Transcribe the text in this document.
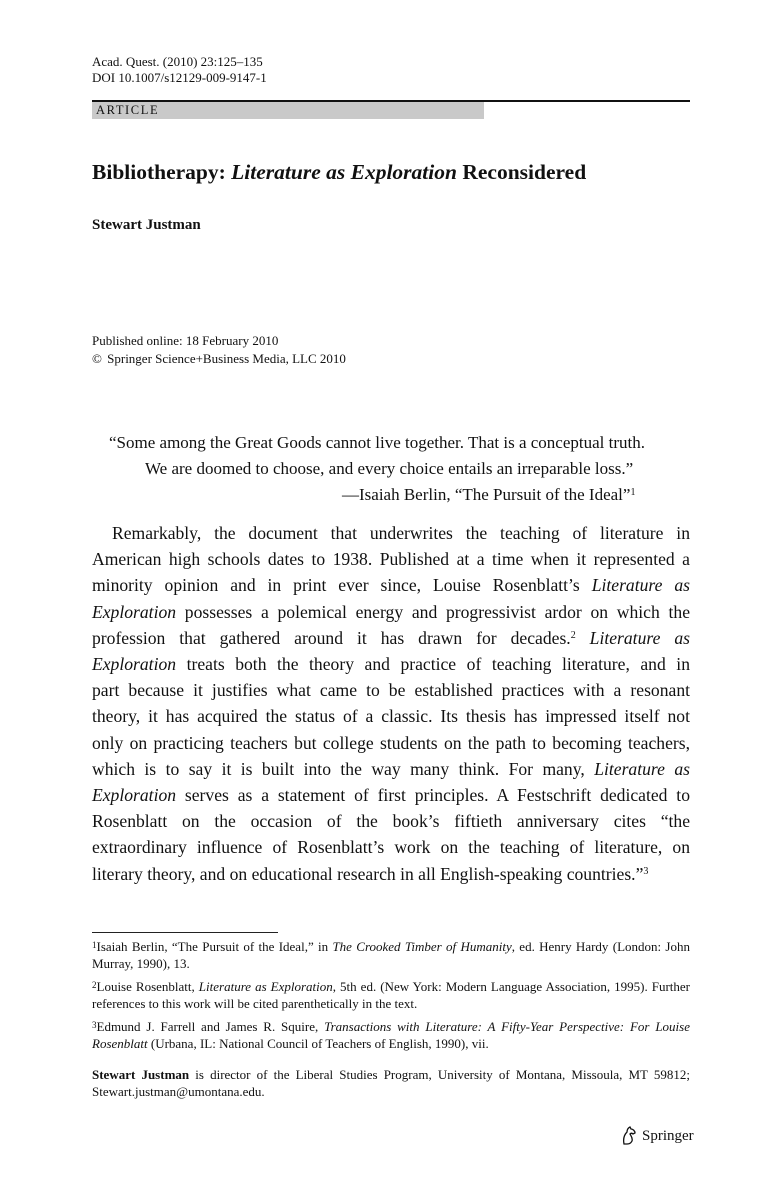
Acad. Quest. (2010) 23:125–135
DOI 10.1007/s12129-009-9147-1
ARTICLE
Bibliotherapy: Literature as Exploration Reconsidered
Stewart Justman
Published online: 18 February 2010
© Springer Science+Business Media, LLC 2010
“Some among the Great Goods cannot live together. That is a conceptual truth.
We are doomed to choose, and every choice entails an irreparable loss.”
—Isaiah Berlin, “The Pursuit of the Ideal”$^1$
Remarkably, the document that underwrites the teaching of literature in
American high schools dates to 1938. Published at a time when it represented a
minority opinion and in print ever since, Louise Rosenblatt’s Literature as
Exploration possesses a polemical energy and progressivist ardor on which the
profession that gathered around it has drawn for decades.$^2$ Literature as
Exploration treats both the theory and practice of teaching literature, and in
part because it justifies what came to be established practices with a resonant
theory, it has acquired the status of a classic. Its thesis has impressed itself not
only on practicing teachers but college students on the path to becoming teachers,
which is to say it is built into the way many think. For many, Literature as
Exploration serves as a statement of first principles. A Festschrift dedicated to
Rosenblatt on the occasion of the book’s fiftieth anniversary cites “the
extraordinary influence of Rosenblatt’s work on the teaching of literature, on
literary theory, and on educational research in all English-speaking countries.”$^3$
$^1$Isaiah Berlin, “The Pursuit of the Ideal,” in The Crooked Timber of Humanity, ed. Henry Hardy (London: John Murray, 1990), 13.
$^2$Louise Rosenblatt, Literature as Exploration, 5th ed. (New York: Modern Language Association, 1995). Further references to this work will be cited parenthetically in the text.
$^3$Edmund J. Farrell and James R. Squire, Transactions with Literature: A Fifty-Year Perspective: For Louise Rosenblatt (Urbana, IL: National Council of Teachers of English, 1990), vii.
Stewart Justman is director of the Liberal Studies Program, University of Montana, Missoula, MT 59812; Stewart.justman@umontana.edu.
Springer
